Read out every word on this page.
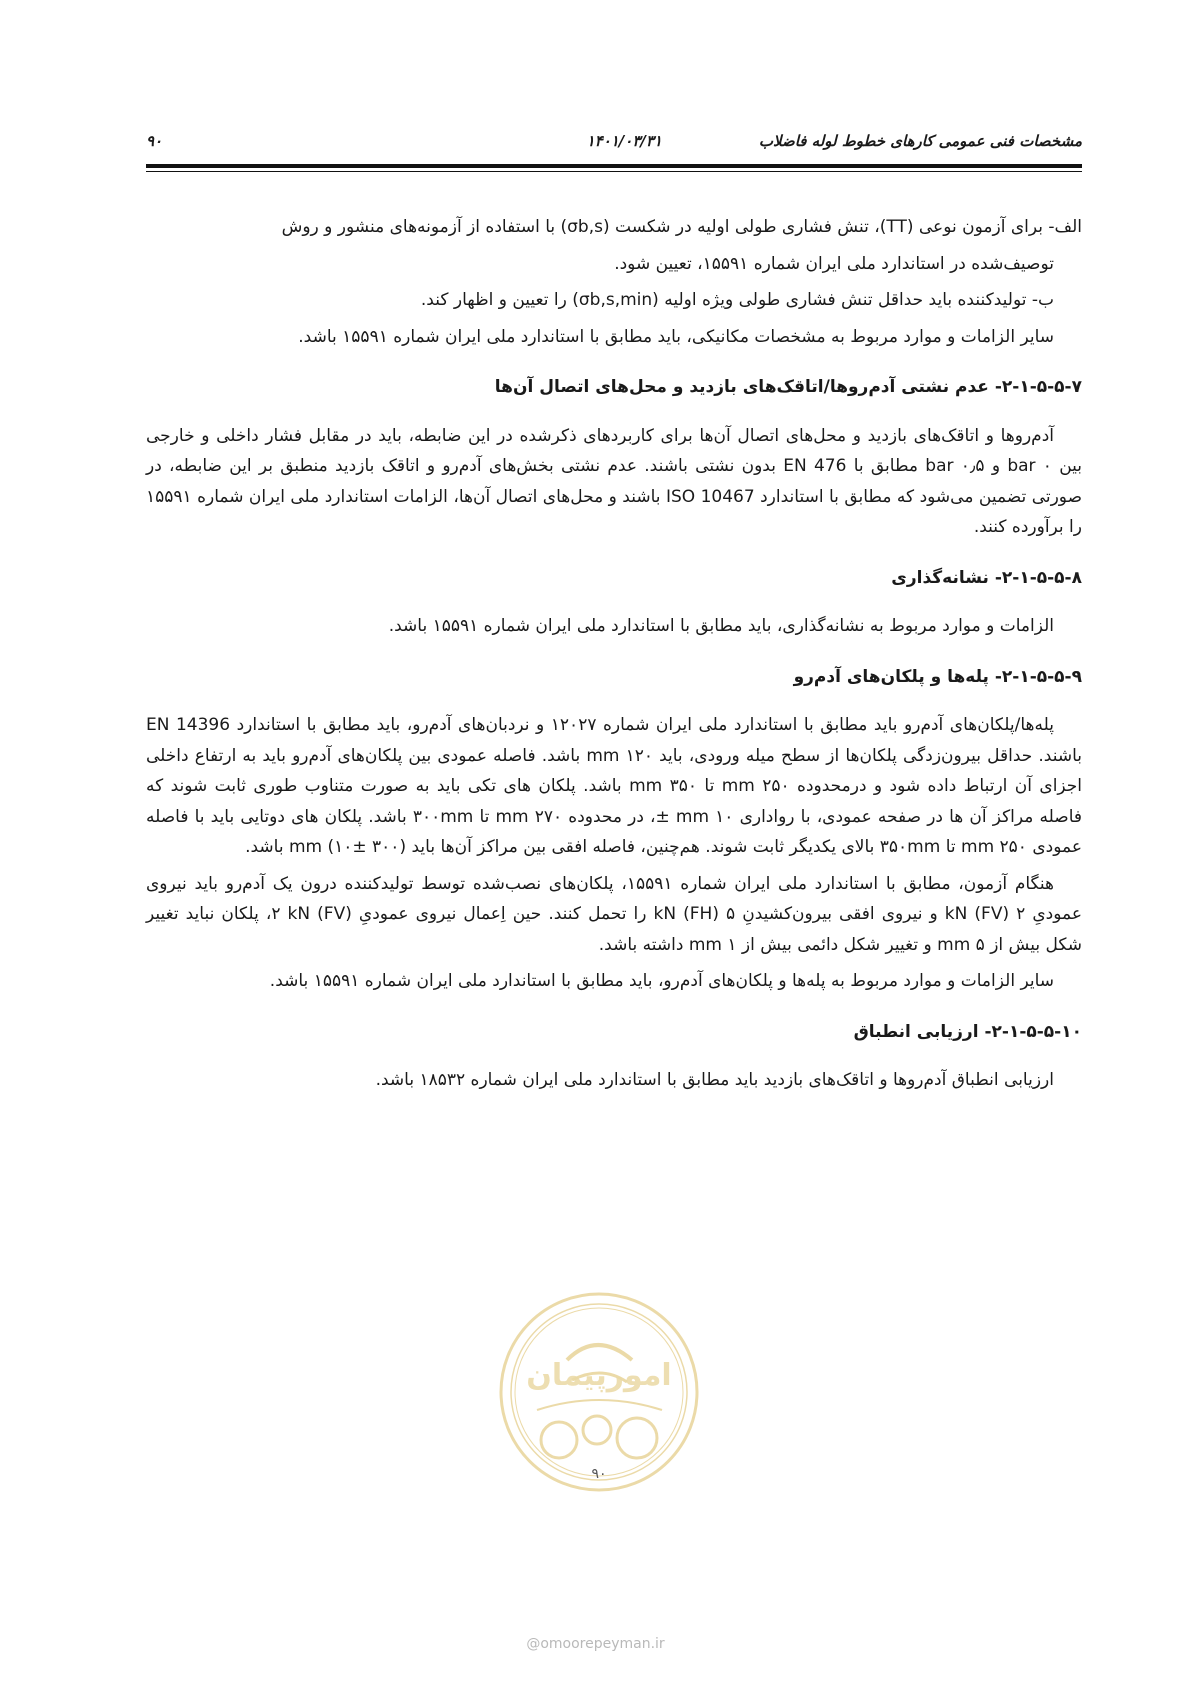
مشخصات فنی عمومی کارهای خطوط لوله فاضلاب
۱۴۰۱/۰۳/۳۱
۹۰

الف- برای آزمون نوعی (TT)، تنش فشاری طولی اولیه در شکست (σb,s) با استفاده از آزمونه‌های منشور و روش

توصیف‌شده در استاندارد ملی ایران شماره ۱۵۵۹۱، تعیین شود.

ب- تولیدکننده باید حداقل تنش فشاری طولی ویژه اولیه (σb,s,min) را تعیین و اظهار کند.

سایر الزامات و موارد مربوط به مشخصات مکانیکی، باید مطابق با استاندارد ملی ایران شماره ۱۵۵۹۱ باشد.

۲-۱-۵-۵-۷- عدم نشتی آدم‌روها/اتاقک‌های بازدید و محل‌های اتصال آن‌ها

آدم‌روها و اتاقک‌های بازدید و محل‌های اتصال آن‌ها برای کاربردهای ذکرشده در این ضابطه، باید در مقابل فشار داخلی و خارجی بین ۰ bar و ۰٫۵ bar مطابق با EN 476 بدون نشتی باشند. عدم نشتی بخش‌های آدم‌رو و اتاقک بازدید منطبق بر این ضابطه، در صورتی تضمین می‌شود که مطابق با استاندارد ISO 10467 باشند و محل‌های اتصال آن‌ها، الزامات استاندارد ملی ایران شماره ۱۵۵۹۱ را برآورده کنند.

۲-۱-۵-۵-۸- نشانه‌گذاری

الزامات و موارد مربوط به نشانه‌گذاری، باید مطابق با استاندارد ملی ایران شماره ۱۵۵۹۱ باشد.

۲-۱-۵-۵-۹- پله‌ها و پلکان‌های آدم‌رو

پله‌ها/پلکان‌های آدم‌رو باید مطابق با استاندارد ملی ایران شماره ۱۲۰۲۷ و نردبان‌های آدم‌رو، باید مطابق با استاندارد EN 14396 باشند. حداقل بیرون‌زدگی پلکان‌ها از سطح میله ورودی، باید ۱۲۰ mm باشد. فاصله عمودی بین پلکان‌های آدم‌رو باید به ارتفاع داخلی اجزای آن ارتباط داده شود و درمحدوده ۲۵۰ mm تا ۳۵۰ mm باشد. پلکان های تکی باید به صورت متناوب طوری ثابت شوند که فاصله مراکز آن ها در صفحه عمودی، با رواداری ۱۰ mm ±، در محدوده ۲۷۰ mm تا ۳۰۰mm باشد. پلکان های دوتایی باید با فاصله عمودی ۲۵۰ mm تا ۳۵۰mm بالای یکدیگر ثابت شوند. هم‌چنین، فاصله افقی بین مراکز آن‌ها باید mm (۱۰± ۳۰۰) باشد.

هنگام آزمون، مطابق با استاندارد ملی ایران شماره ۱۵۵۹۱، پلکان‌های نصب‌شده توسط تولیدکننده درون یک آدم‌رو باید نیروی عمودیِ ۲ kN (FV) و نیروی افقی بیرون‌کشیدنِ ۵ kN (FH) را تحمل کنند. حین اِعمال نیروی عمودیِ (FV) ۲ kN، پلکان نباید تغییر شکل بیش از ۵ mm و تغییر شکل دائمی بیش از ۱ mm داشته باشد.

سایر الزامات و موارد مربوط به پله‌ها و پلکان‌های آدم‌رو، باید مطابق با استاندارد ملی ایران شماره ۱۵۵۹۱ باشد.

۲-۱-۵-۵-۱۰- ارزیابی انطباق

ارزیابی انطباق آدم‌روها و اتاقک‌های بازدید باید مطابق با استاندارد ملی ایران شماره ۱۸۵۳۲ باشد.

امورپیمان
۹۰
@omoorepeyman.ir
